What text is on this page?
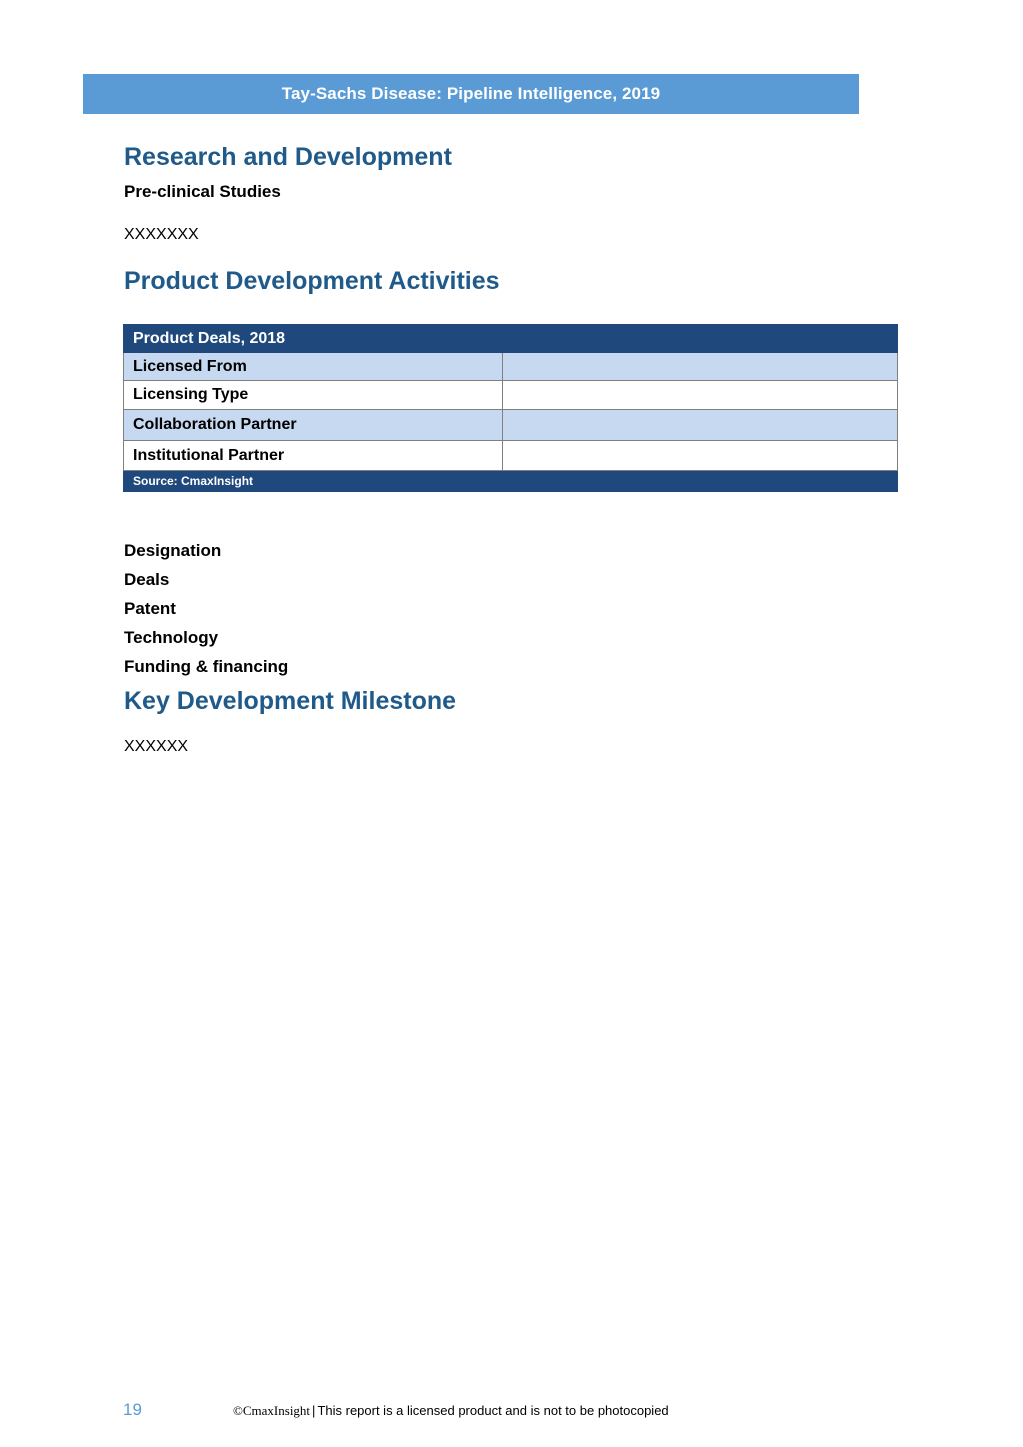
Tay-Sachs Disease: Pipeline Intelligence, 2019
Research and Development
Pre-clinical Studies

XXXXXXX

Product Development Activities
Product Deals, 2018	
Licensed From	
Licensing Type	
Collaboration Partner	
Institutional Partner	
Source: CmaxInsight	
Designation
Deals
Patent
Technology
Funding & financing
Key Development Milestone

XXXXXX

19	©CmaxInsight | This report is a licensed product and is not to be photocopied
